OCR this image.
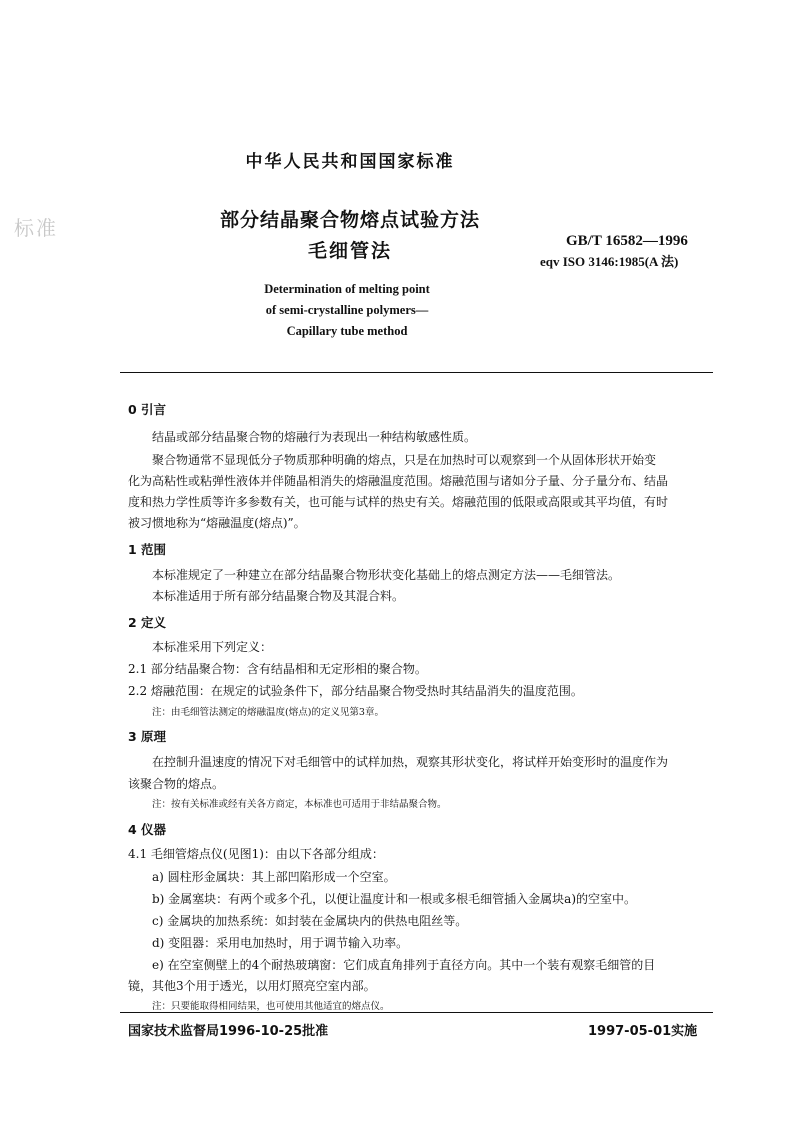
标准
中华人民共和国国家标准
部分结晶聚合物熔点试验方法
毛细管法	GB/T 16582—1996
eqv ISO 3146:1985(A 法)
Determination of melting point
of semi-crystalline polymers—
Capillary tube method
0 引言
结晶或部分结晶聚合物的熔融行为表现出一种结构敏感性质。
聚合物通常不显现低分子物质那种明确的熔点，只是在加热时可以观察到一个从固体形状开始变
化为高粘性或粘弹性液体并伴随晶相消失的熔融温度范围。熔融范围与诸如分子量、分子量分布、结晶
度和热力学性质等许多参数有关，也可能与试样的热史有关。熔融范围的低限或高限或其平均值，有时
被习惯地称为“熔融温度(熔点)”。
1 范围
本标准规定了一种建立在部分结晶聚合物形状变化基础上的熔点测定方法——毛细管法。
本标准适用于所有部分结晶聚合物及其混合料。
2 定义
本标准采用下列定义：
2.1 部分结晶聚合物：含有结晶相和无定形相的聚合物。
2.2 熔融范围：在规定的试验条件下，部分结晶聚合物受热时其结晶消失的温度范围。
注：由毛细管法测定的熔融温度(熔点)的定义见第3章。
3 原理
在控制升温速度的情况下对毛细管中的试样加热，观察其形状变化，将试样开始变形时的温度作为
该聚合物的熔点。
注：按有关标准或经有关各方商定，本标准也可适用于非结晶聚合物。
4 仪器
4.1 毛细管熔点仪(见图1)：由以下各部分组成：
a) 圆柱形金属块：其上部凹陷形成一个空室。
b) 金属塞块：有两个或多个孔，以便让温度计和一根或多根毛细管插入金属块a)的空室中。
c) 金属块的加热系统：如封装在金属块内的供热电阻丝等。
d) 变阻器：采用电加热时，用于调节输入功率。
e) 在空室侧壁上的4个耐热玻璃窗：它们成直角排列于直径方向。其中一个装有观察毛细管的目
镜，其他3个用于透光，以用灯照亮空室内部。
注：只要能取得相同结果，也可使用其他适宜的熔点仪。
国家技术监督局1996-10-25批准	1997-05-01实施
